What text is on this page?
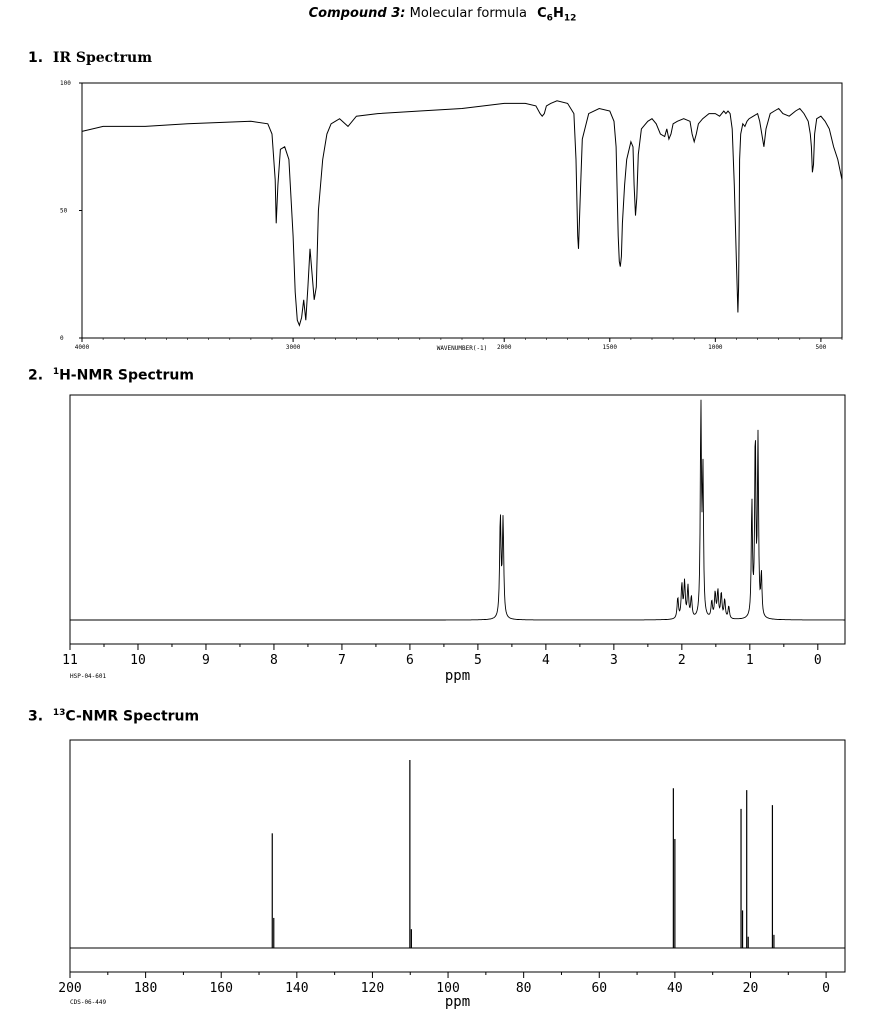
Compound 3: Molecular formula $C_6H_{12}$
1. IR Spectrum
4000	3000	2000	1500	1000	500
100
50
0
WAVENUMBER(-1)
2. $^1$H-NMR Spectrum
11	10	9	8	7	6	5	4	3	2	1	0
ppm
HSP-04-601
3. $^{13}$C-NMR Spectrum
200	180	160	140	120	100	80	60	40	20	0
ppm
CDS-06-449
